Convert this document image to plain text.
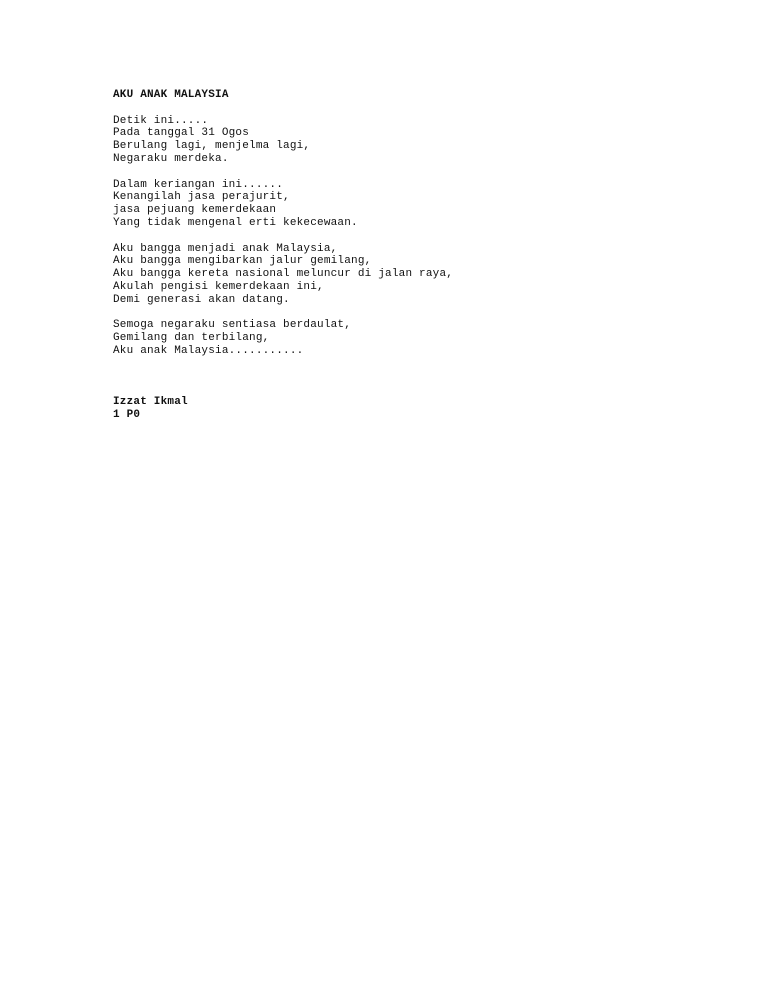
AKU ANAK MALAYSIA
Detik ini.....
Pada tanggal 31 Ogos
Berulang lagi, menjelma lagi,
Negaraku merdeka.
Dalam keriangan ini......
Kenangilah jasa perajurit,
jasa pejuang kemerdekaan
Yang tidak mengenal erti kekecewaan.
Aku bangga menjadi anak Malaysia,
Aku bangga mengibarkan jalur gemilang,
Aku bangga kereta nasional meluncur di jalan raya,
Akulah pengisi kemerdekaan ini,
Demi generasi akan datang.
Semoga negaraku sentiasa berdaulat,
Gemilang dan terbilang,
Aku anak Malaysia...........
Izzat Ikmal
1 P0
